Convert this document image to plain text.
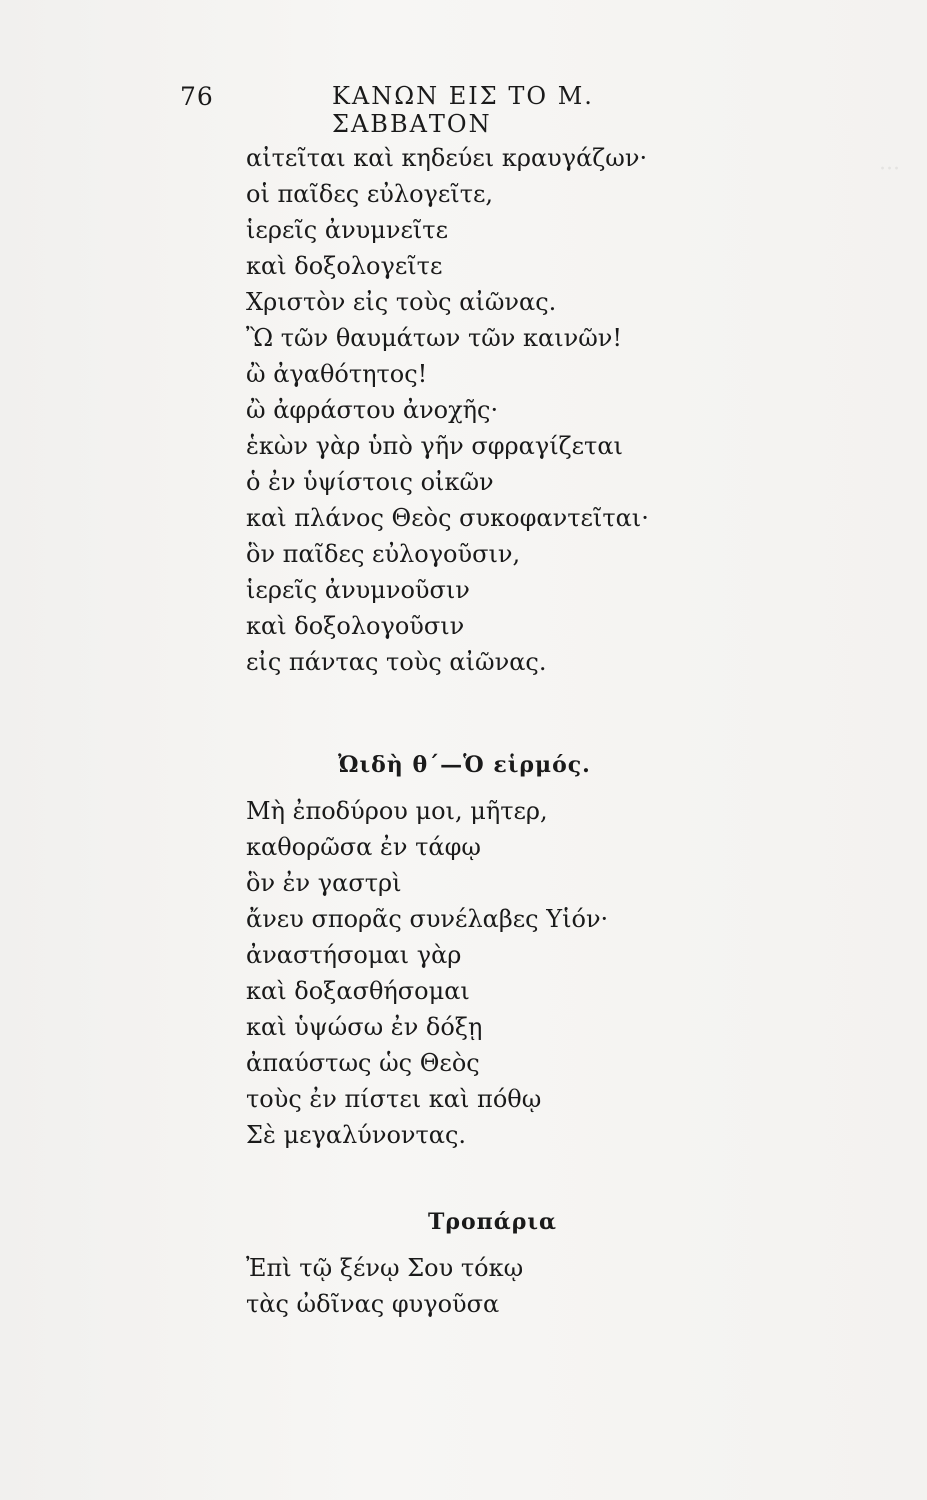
···
76	ΚΑΝΩΝ ΕΙΣ ΤΟ Μ. ΣΑΒΒΑΤΟΝ
αἰτεῖται καὶ κηδεύει κραυγάζων·
οἱ παῖδες εὐλογεῖτε,
ἱερεῖς ἀνυμνεῖτε
καὶ δοξολογεῖτε
Χριστὸν εἰς τοὺς αἰῶνας.
Ὢ τῶν θαυμάτων τῶν καινῶν!
ὢ ἀγαθότητος!
ὢ ἀφράστου ἀνοχῆς·
ἑκὼν γὰρ ὑπὸ γῆν σφραγίζεται
ὁ ἐν ὑψίστοις οἰκῶν
καὶ πλάνος Θεὸς συκοφαντεῖται·
ὃν παῖδες εὐλογοῦσιν,
ἱερεῖς ἀνυμνοῦσιν
καὶ δοξολογοῦσιν
εἰς πάντας τοὺς αἰῶνας.
Ὠιδὴ θ΄—Ὁ εἱρμός.
Μὴ ἐποδύρου μοι, μῆτερ,
καθορῶσα ἐν τάφῳ
ὃν ἐν γαστρὶ
ἄνευ σπορᾶς συνέλαβες Υἱόν·
ἀναστήσομαι γὰρ
καὶ δοξασθήσομαι
καὶ ὑψώσω ἐν δόξῃ
ἀπαύστως ὡς Θεὸς
τοὺς ἐν πίστει καὶ πόθῳ
Σὲ μεγαλύνοντας.
Τροπάρια
Ἐπὶ τῷ ξένῳ Σου τόκῳ
τὰς ὠδῖνας φυγοῦσα
